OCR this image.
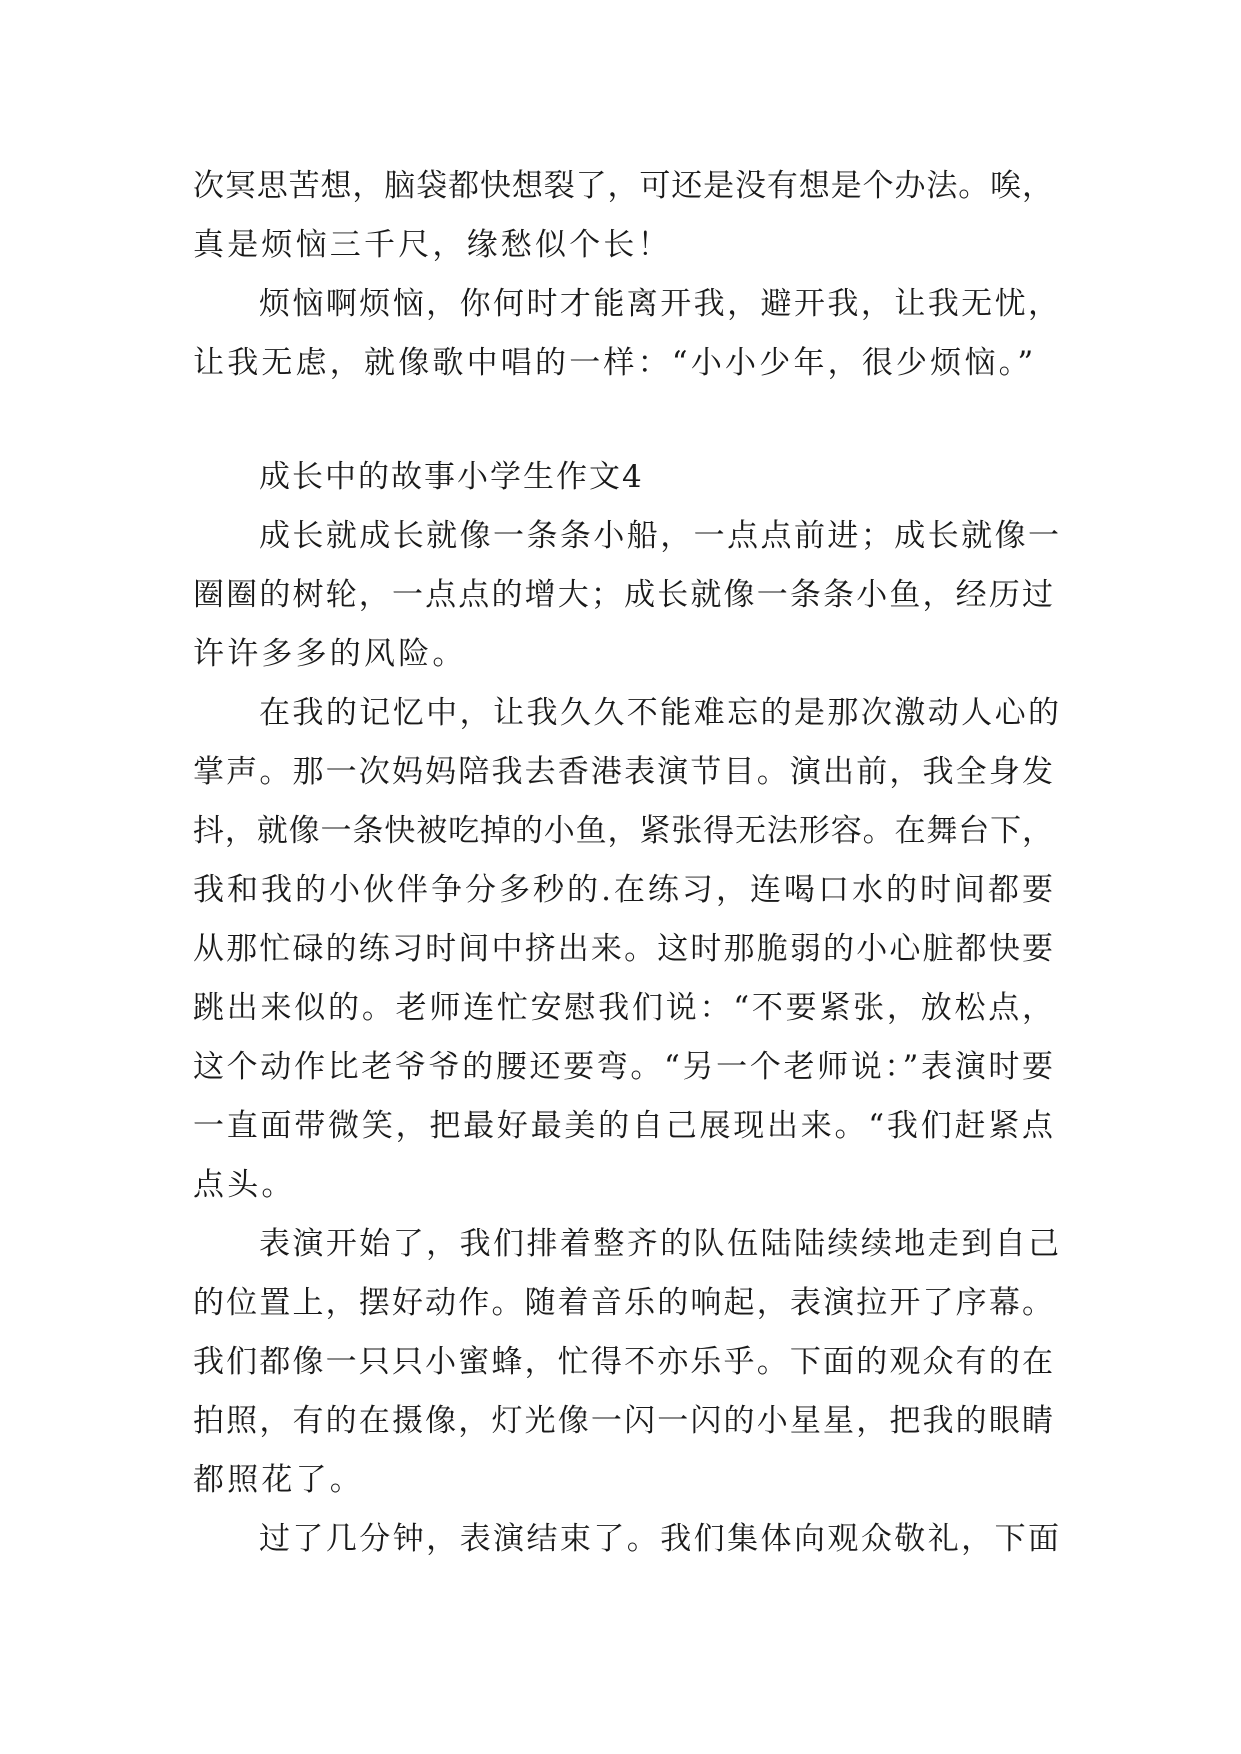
次冥思苦想，脑袋都快想裂了，可还是没有想是个办法。唉，
真是烦恼三千尺，缘愁似个长！
烦恼啊烦恼，你何时才能离开我，避开我，让我无忧，
让我无虑，就像歌中唱的一样：“小小少年，很少烦恼。”
成长中的故事小学生作文4
成长就成长就像一条条小船，一点点前进；成长就像一
圈圈的树轮，一点点的增大；成长就像一条条小鱼，经历过
许许多多的风险。
在我的记忆中，让我久久不能难忘的是那次激动人心的
掌声。那一次妈妈陪我去香港表演节目。演出前，我全身发
抖，就像一条快被吃掉的小鱼，紧张得无法形容。在舞台下，
我和我的小伙伴争分多秒的.在练习，连喝口水的时间都要
从那忙碌的练习时间中挤出来。这时那脆弱的小心脏都快要
跳出来似的。老师连忙安慰我们说：“不要紧张，放松点，
这个动作比老爷爷的腰还要弯。“另一个老师说：”表演时要
一直面带微笑，把最好最美的自己展现出来。“我们赶紧点
点头。
表演开始了，我们排着整齐的队伍陆陆续续地走到自己
的位置上，摆好动作。随着音乐的响起，表演拉开了序幕。
我们都像一只只小蜜蜂，忙得不亦乐乎。下面的观众有的在
拍照，有的在摄像，灯光像一闪一闪的小星星，把我的眼睛
都照花了。
过了几分钟，表演结束了。我们集体向观众敬礼，下面
